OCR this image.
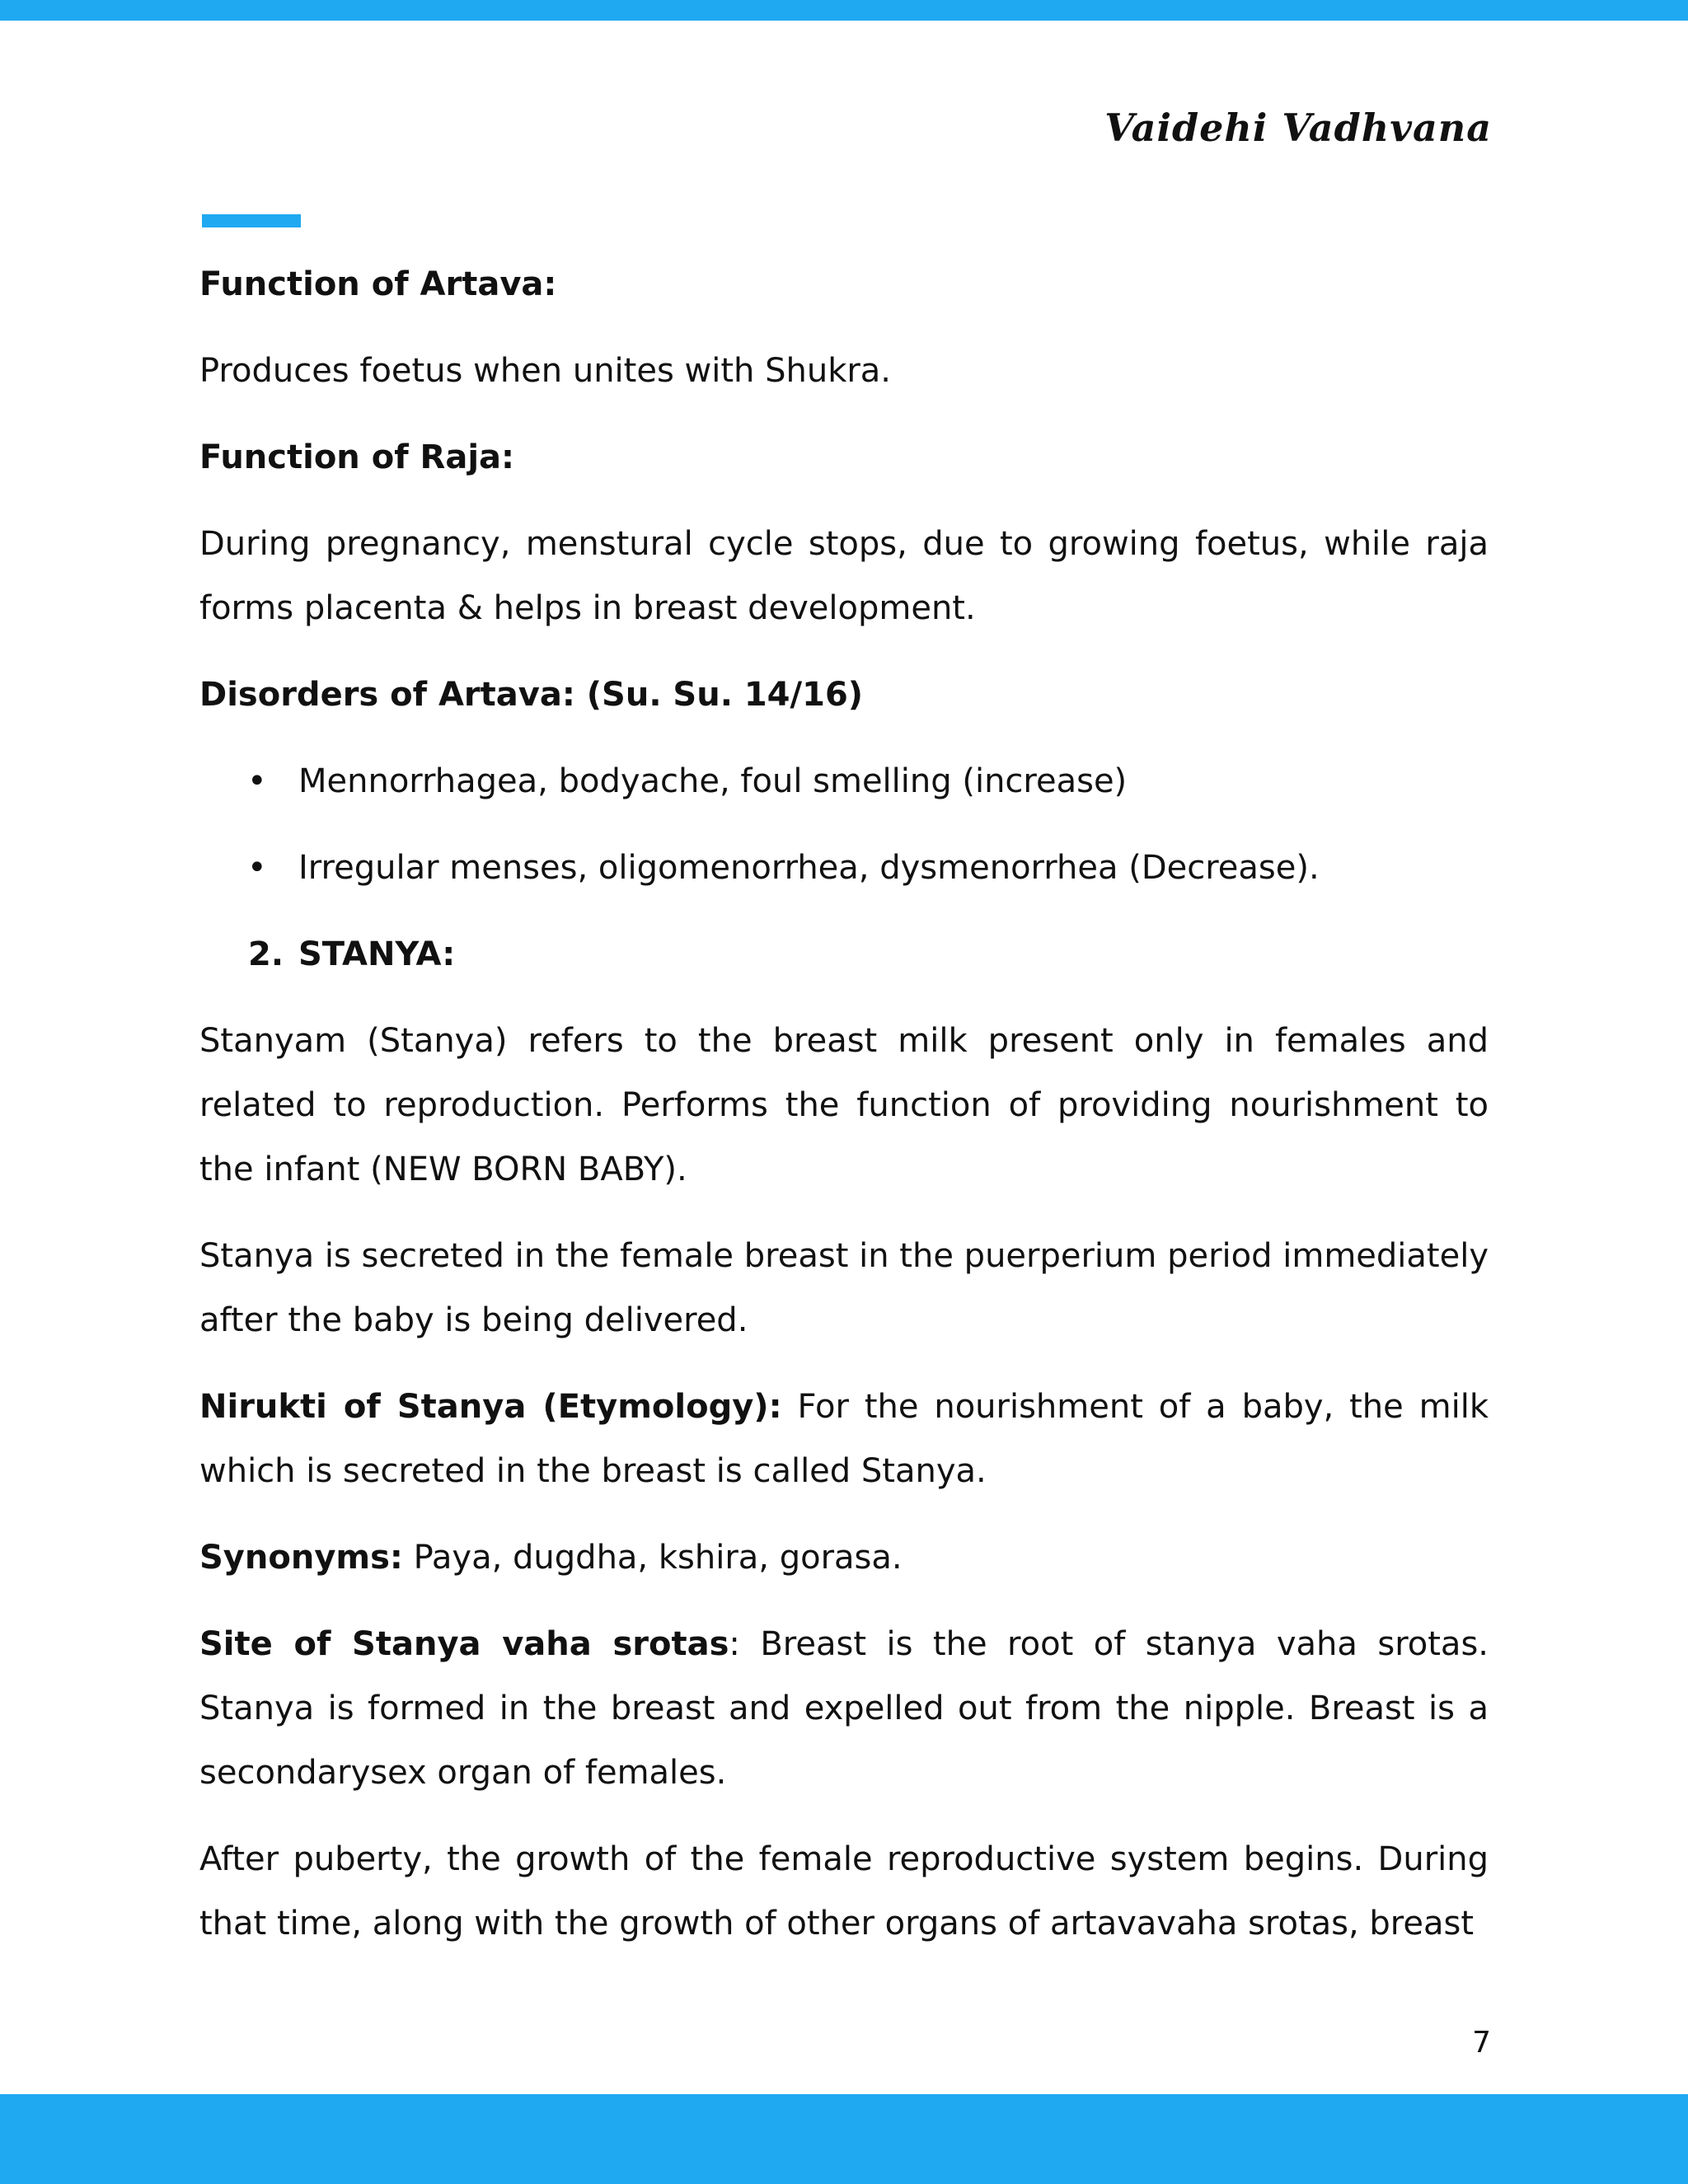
Vaidehi Vadhvana
Function of Artava:
Produces foetus when unites with Shukra.
Function of Raja:
During pregnancy, menstural cycle stops, due to growing foetus, while raja forms placenta & helps in breast development.
Disorders of Artava: (Su. Su. 14/16)
• Mennorrhagea, bodyache, foul smelling (increase)
• Irregular menses, oligomenorrhea, dysmenorrhea (Decrease).
2. STANYA:
Stanyam (Stanya) refers to the breast milk present only in females and related to reproduction. Performs the function of providing nourishment to the infant (NEW BORN BABY).
Stanya is secreted in the female breast in the puerperium period immediately after the baby is being delivered.
Nirukti of Stanya (Etymology): For the nourishment of a baby, the milk which is secreted in the breast is called Stanya.
Synonyms: Paya, dugdha, kshira, gorasa.
Site of Stanya vaha srotas: Breast is the root of stanya vaha srotas. Stanya is formed in the breast and expelled out from the nipple. Breast is a secondarysex organ of females.
After puberty, the growth of the female reproductive system begins. During that time, along with the growth of other organs of artavavaha srotas, breast
7
